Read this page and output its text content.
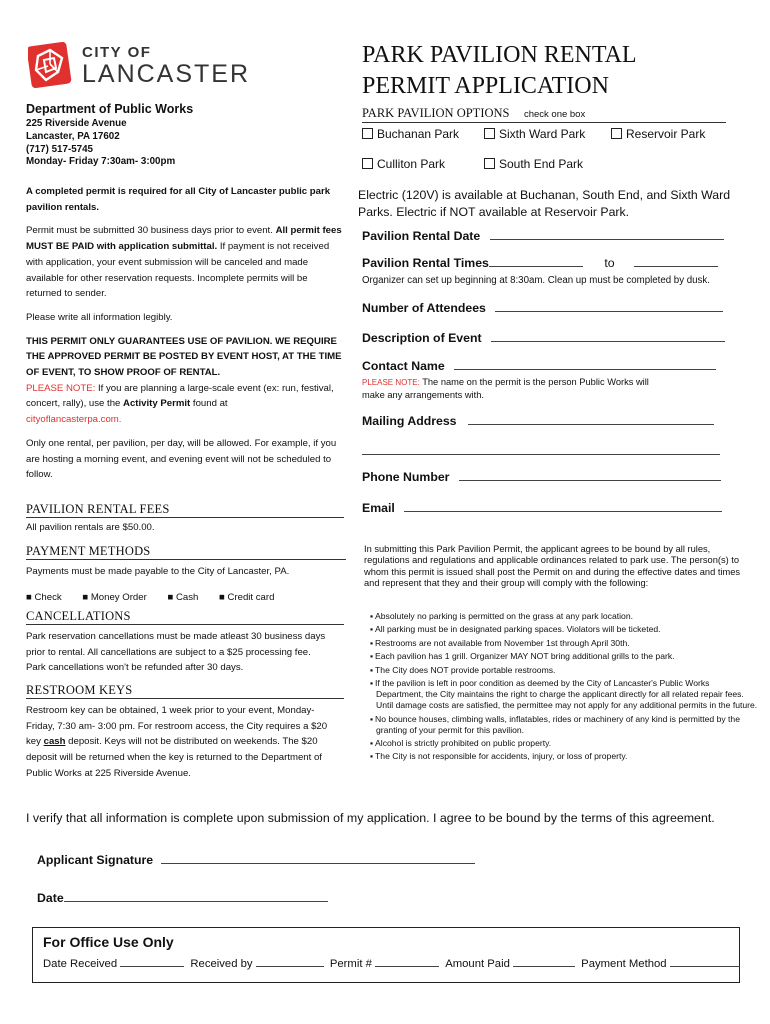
CITY OF
LANCASTER
PARK PAVILION RENTAL
PERMIT APPLICATION
Department of Public Works
225 Riverside Avenue
Lancaster, PA 17602
(717) 517-5745
Monday- Friday 7:30am- 3:00pm
A completed permit is required for all City of Lancaster public park pavilion rentals.
Permit must be submitted 30 business days prior to event. All permit fees MUST BE PAID with application submittal. If payment is not received with application, your event submission will be canceled and made available for other reservation requests. Incomplete permits will be returned to sender.
Please write all information legibly.
THIS PERMIT ONLY GUARANTEES USE OF PAVILION. WE REQUIRE THE APPROVED PERMIT BE POSTED BY EVENT HOST, AT THE TIME OF EVENT, TO SHOW PROOF OF RENTAL.
PLEASE NOTE: If you are planning a large-scale event (ex: run, festival, concert, rally), use the Activity Permit found at
cityoflancasterpa.com.
Only one rental, per pavilion, per day, will be allowed. For example, if you are hosting a morning event, and evening event will not be scheduled to follow.
PAVILION RENTAL FEES
All pavilion rentals are $50.00.
PAYMENT METHODS
Payments must be made payable to the City of Lancaster, PA.
■ Check ■ Money Order ■ Cash ■ Credit card
CANCELLATIONS
Park reservation cancellations must be made atleast 30 business days prior to rental. All cancellations are subject to a $25 processing fee.
Park cancellations won't be refunded after 30 days.
RESTROOM KEYS
Restroom key can be obtained, 1 week prior to your event, Monday- Friday, 7:30 am- 3:00 pm. For restroom access, the City requires a $20 key cash deposit. Keys will not be distributed on weekends. The $20 deposit will be returned when the key is returned to the Department of Public Works at 225 Riverside Avenue.
PARK PAVILION OPTIONS check one box
Buchanan Park	Sixth Ward Park	Reservoir Park
Culliton Park	South End Park
Electric (120V) is available at Buchanan, South End, and Sixth Ward Parks. Electric if NOT available at Reservoir Park.
Pavilion Rental Date
Pavilion Rental Times	to
Organizer can set up beginning at 8:30am. Clean up must be completed by dusk.
Number of Attendees
Description of Event
Contact Name
PLEASE NOTE: The name on the permit is the person Public Works will make any arrangements with.
Mailing Address
Phone Number
Email
In submitting this Park Pavilion Permit, the applicant agrees to be bound by all rules, regulations and regulations and applicable ordinances related to park use. The person(s) to whom this permit is issued shall post the Permit on and during the effective dates and times and represent that they and their group will comply with the following:
▪ Absolutely no parking is permitted on the grass at any park location.
▪ All parking must be in designated parking spaces. Violators will be ticketed.
▪ Restrooms are not available from November 1st through April 30th.
▪ Each pavilion has 1 grill. Organizer MAY NOT bring additional grills to the park.
▪ The City does NOT provide portable restrooms.
▪ If the pavilion is left in poor condition as deemed by the City of Lancaster's Public Works Department, the City maintains the right to charge the applicant directly for all related repair fees. Until damage costs are satisfied, the permittee may not apply for any additional permits in the future.
▪ No bounce houses, climbing walls, inflatables, rides or machinery of any kind is permitted by the granting of your permit for this pavilion.
▪ Alcohol is strictly prohibited on public property.
▪ The City is not responsible for accidents, injury, or loss of property.
I verify that all information is complete upon submission of my application. I agree to be bound by the terms of this agreement.
Applicant Signature
Date
For Office Use Only
Date Received	Received by	Permit #	Amount Paid	Payment Method
